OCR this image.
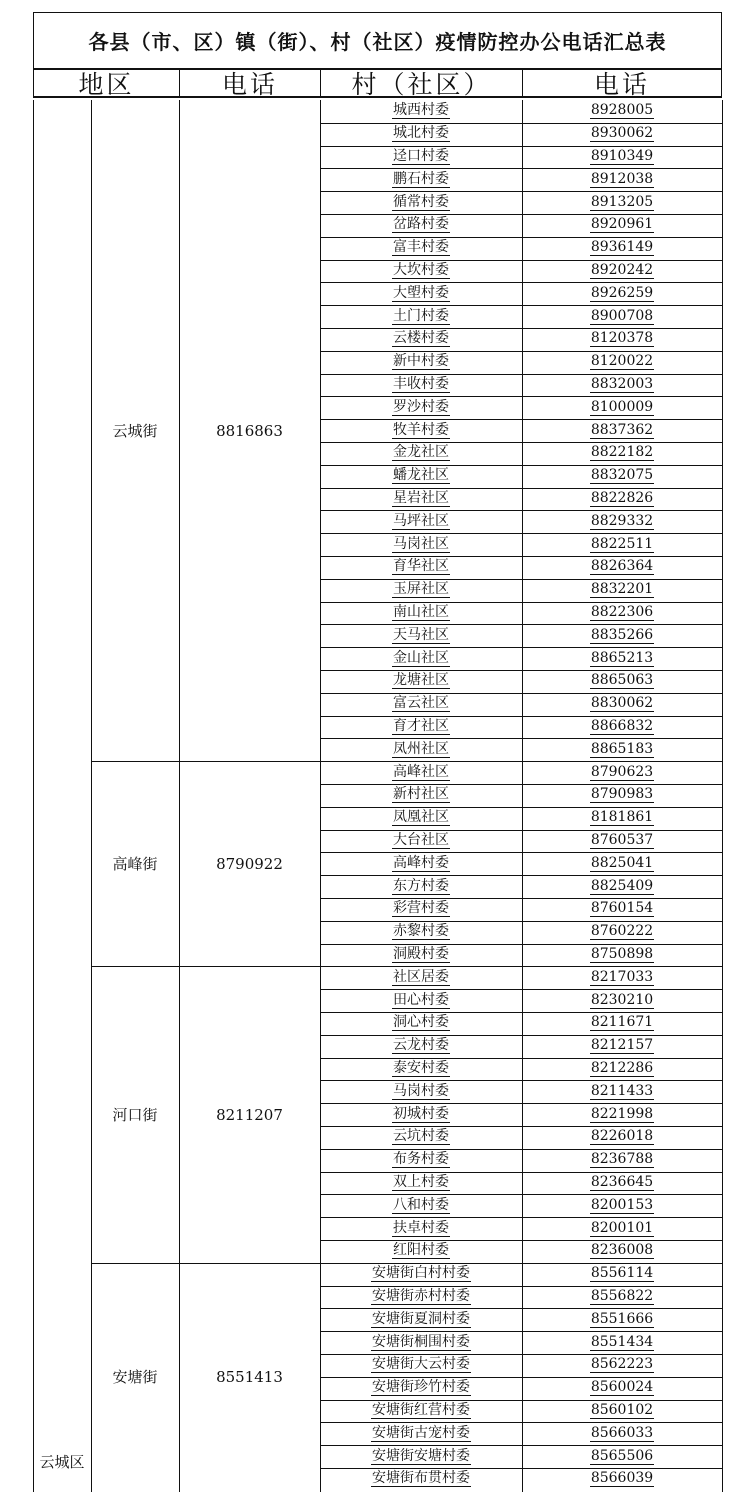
各县（市、区）镇（街）、村（社区）疫情防控办公电话汇总表
地区	电话	村（社区）	电话
云城街	8816863
城西村委	8928005
城北村委	8930062
迳口村委	8910349
鹏石村委	8912038
循常村委	8913205
岔路村委	8920961
富丰村委	8936149
大坎村委	8920242
大塱村委	8926259
土门村委	8900708
云楼村委	8120378
新中村委	8120022
丰收村委	8832003
罗沙村委	8100009
牧羊村委	8837362
金龙社区	8822182
蟠龙社区	8832075
星岩社区	8822826
马坪社区	8829332
马岗社区	8822511
育华社区	8826364
玉屏社区	8832201
南山社区	8822306
天马社区	8835266
金山社区	8865213
龙塘社区	8865063
富云社区	8830062
育才社区	8866832
凤州社区	8865183
高峰街	8790922
高峰社区	8790623
新村社区	8790983
凤凰社区	8181861
大台社区	8760537
高峰村委	8825041
东方村委	8825409
彩营村委	8760154
赤黎村委	8760222
洞殿村委	8750898
河口街	8211207
社区居委	8217033
田心村委	8230210
洞心村委	8211671
云龙村委	8212157
泰安村委	8212286
马岗村委	8211433
初城村委	8221998
云坑村委	8226018
布务村委	8236788
双上村委	8236645
八和村委	8200153
扶卓村委	8200101
红阳村委	8236008
安塘街	8551413
安塘街白村村委	8556114
安塘街赤村村委	8556822
安塘街夏洞村委	8551666
安塘街桐围村委	8551434
安塘街大云村委	8562223
安塘街珍竹村委	8560024
安塘街红营村委	8560102
安塘街古宠村委	8566033
安塘街安塘村委	8565506
安塘街布贯村委	8566039
云城区
